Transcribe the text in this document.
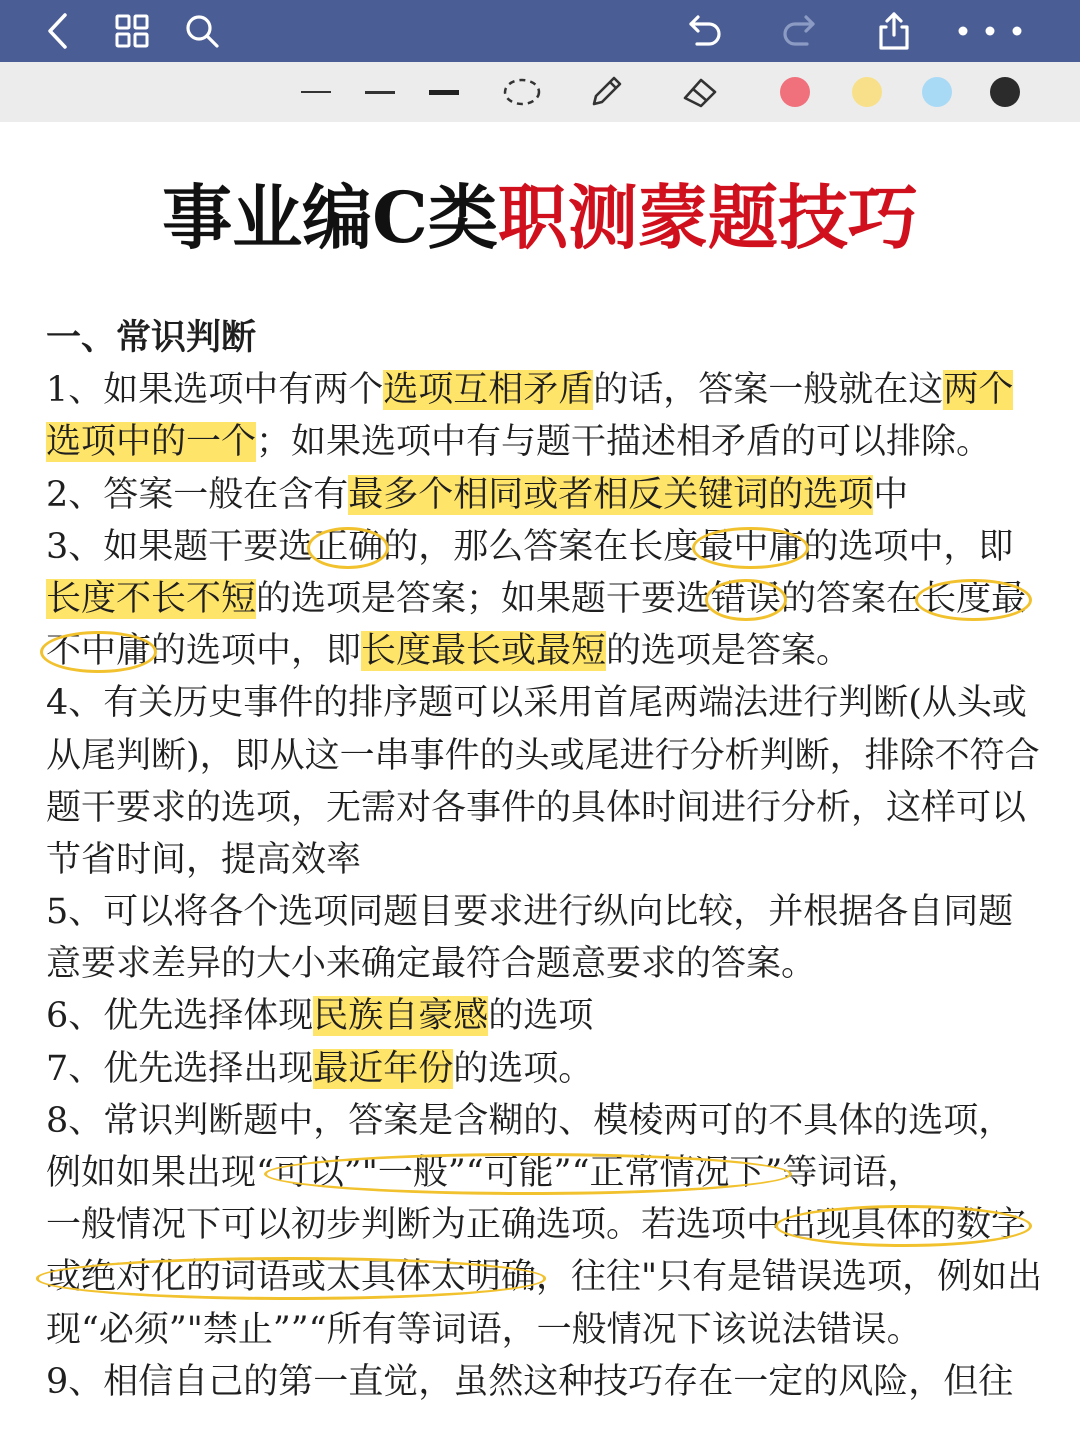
事业编C类职测蒙题技巧
一、常识判断
1、如果选项中有两个选项互相矛盾的话，答案一般就在这两个
选项中的一个；如果选项中有与题干描述相矛盾的可以排除。
2、答案一般在含有最多个相同或者相反关键词的选项中
3、如果题干要选正确的，那么答案在长度最中庸的选项中，即
长度不长不短的选项是答案；如果题干要选错误的答案在长度最
不中庸的选项中，即长度最长或最短的选项是答案。
4、有关历史事件的排序题可以采用首尾两端法进行判断(从头或
从尾判断)，即从这一串事件的头或尾进行分析判断，排除不符合
题干要求的选项，无需对各事件的具体时间进行分析，这样可以
节省时间，提高效率
5、可以将各个选项同题目要求进行纵向比较，并根据各自同题
意要求差异的大小来确定最符合题意要求的答案。
6、优先选择体现民族自豪感的选项
7、优先选择出现最近年份的选项。
8、常识判断题中，答案是含糊的、模棱两可的不具体的选项，
例如如果出现“可以”"一般”“可能”“正常情况下”等词语，
一般情况下可以初步判断为正确选项。若选项中出现具体的数字
或绝对化的词语或太具体太明确，往往"只有是错误选项，例如出
现“必须”"禁止””“所有等词语，一般情况下该说法错误。
9、相信自己的第一直觉，虽然这种技巧存在一定的风险，但往
